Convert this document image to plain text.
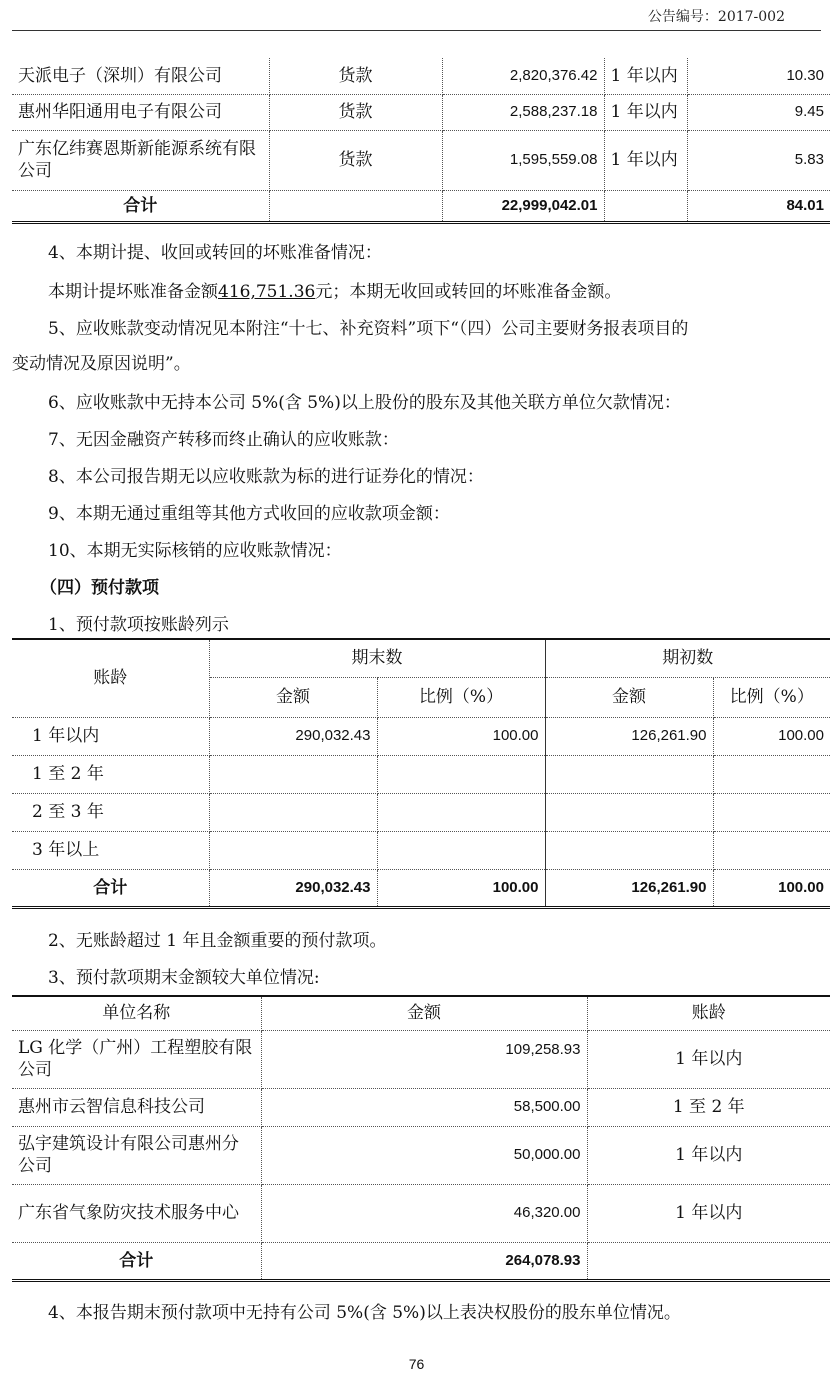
公告编号：2017-002
天派电子（深圳）有限公司	货款	2,820,376.42	1 年以内	10.30
惠州华阳通用电子有限公司	货款	2,588,237.18	1 年以内	9.45
广东亿纬赛恩斯新能源系统有限公司	货款	1,595,559.08	1 年以内	5.83
合计		22,999,042.01		84.01
4、本期计提、收回或转回的坏账准备情况：
本期计提坏账准备金额416,751.36元；本期无收回或转回的坏账准备金额。
5、应收账款变动情况见本附注“十七、补充资料”项下“（四）公司主要财务报表项目的
变动情况及原因说明”。
6、应收账款中无持本公司 5%(含 5%)以上股份的股东及其他关联方单位欠款情况：
7、无因金融资产转移而终止确认的应收账款：
8、本公司报告期无以应收账款为标的进行证券化的情况：
9、本期无通过重组等其他方式收回的应收款项金额：
10、本期无实际核销的应收账款情况：
（四）预付款项
1、预付款项按账龄列示
账龄	期末数		期初数	
	金额	比例（%）	金额	比例（%）
1 年以内	290,032.43	100.00	126,261.90	100.00
1 至 2 年				
2 至 3 年				
3 年以上				
合计	290,032.43	100.00	126,261.90	100.00
2、无账龄超过 1 年且金额重要的预付款项。
3、预付款项期末金额较大单位情况:
单位名称	金额	账龄
LG 化学（广州）工程塑胶有限公司	109,258.93	1 年以内
惠州市云智信息科技公司	58,500.00	1 至 2 年
弘宇建筑设计有限公司惠州分公司	50,000.00	1 年以内
广东省气象防灾技术服务中心	46,320.00	1 年以内
合计	264,078.93	
4、本报告期末预付款项中无持有公司 5%(含 5%)以上表决权股份的股东单位情况。
76
